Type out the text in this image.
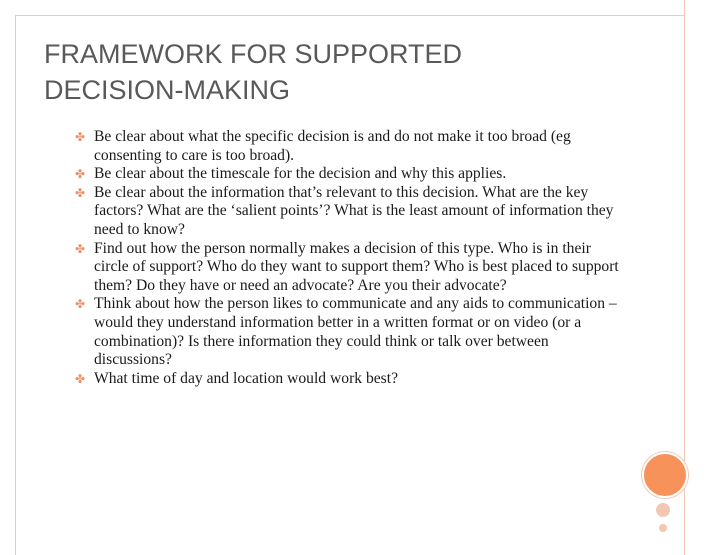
FRAMEWORK FOR SUPPORTED
DECISION-MAKING
✤ Be clear about what the specific decision is and do not make it too broad (eg consenting to care is too broad).
✤ Be clear about the timescale for the decision and why this applies.
✤ Be clear about the information that’s relevant to this decision. What are the key factors? What are the ‘salient points’? What is the least amount of information they need to know?
✤ Find out how the person normally makes a decision of this type. Who is in their circle of support? Who do they want to support them? Who is best placed to support them? Do they have or need an advocate? Are you their advocate?
✤ Think about how the person likes to communicate and any aids to communication – would they understand information better in a written format or on video (or a combination)? Is there information they could think or talk over between discussions?
✤ What time of day and location would work best?
